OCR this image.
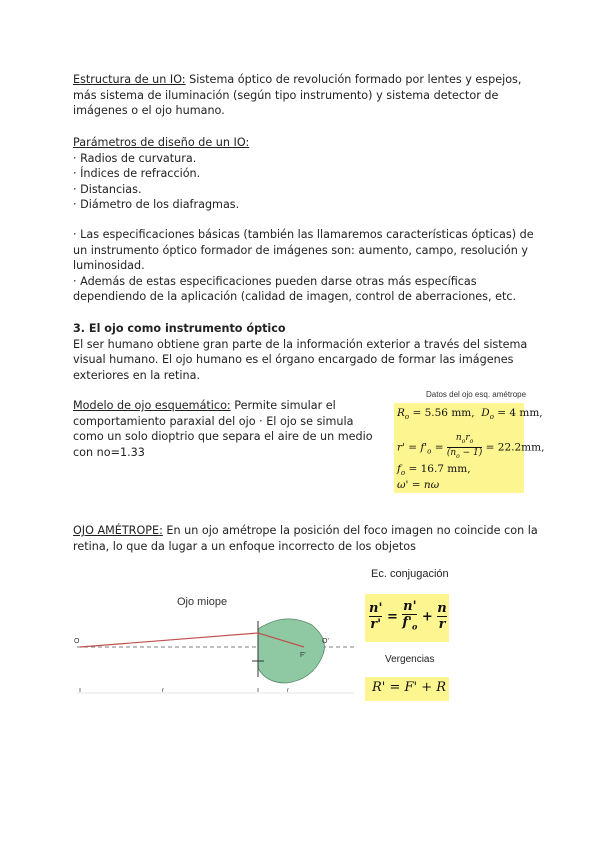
Estructura de un IO: Sistema óptico de revolución formado por lentes y espejos, más sistema de iluminación (según tipo instrumento) y sistema detector de imágenes o el ojo humano.

Parámetros de diseño de un IO:
· Radios de curvatura.
· Índices de refracción.
· Distancias.
· Diámetro de los diafragmas.

· Las especificaciones básicas (también las llamaremos características ópticas) de un instrumento óptico formador de imágenes son: aumento, campo, resolución y luminosidad.
· Además de estas especificaciones pueden darse otras más específicas dependiendo de la aplicación (calidad de imagen, control de aberraciones, etc.

3. El ojo como instrumento óptico
El ser humano obtiene gran parte de la información exterior a través del sistema visual humano. El ojo humano es el órgano encargado de formar las imágenes exteriores en la retina.

Modelo de ojo esquemático: Permite simular el comportamiento paraxial del ojo · El ojo se simula como un solo dioptrio que separa el aire de un medio con no=1.33

Datos del ojo esq. amétrope
$R_o = 5.56$ mm, $D_o = 4$ mm,
$r' = f'_o$ =
$n_or_o$
$(n_o - 1) = 22.2mm$,
$f_o = 16.7$ mm,
ω' = nω

OJO AMÉTROPE: En un ojo amétrope la posición del foco imagen no coincide con la retina, lo que da lugar a un enfoque incorrecto de los objetos

Ojo miope
O	O'
F'
r	r
Ec. conjugación
$\frac{n'}{r'} = \frac{n'}{f'_o} + \frac{n}{r}$
Vergencias
R' = F' + R
